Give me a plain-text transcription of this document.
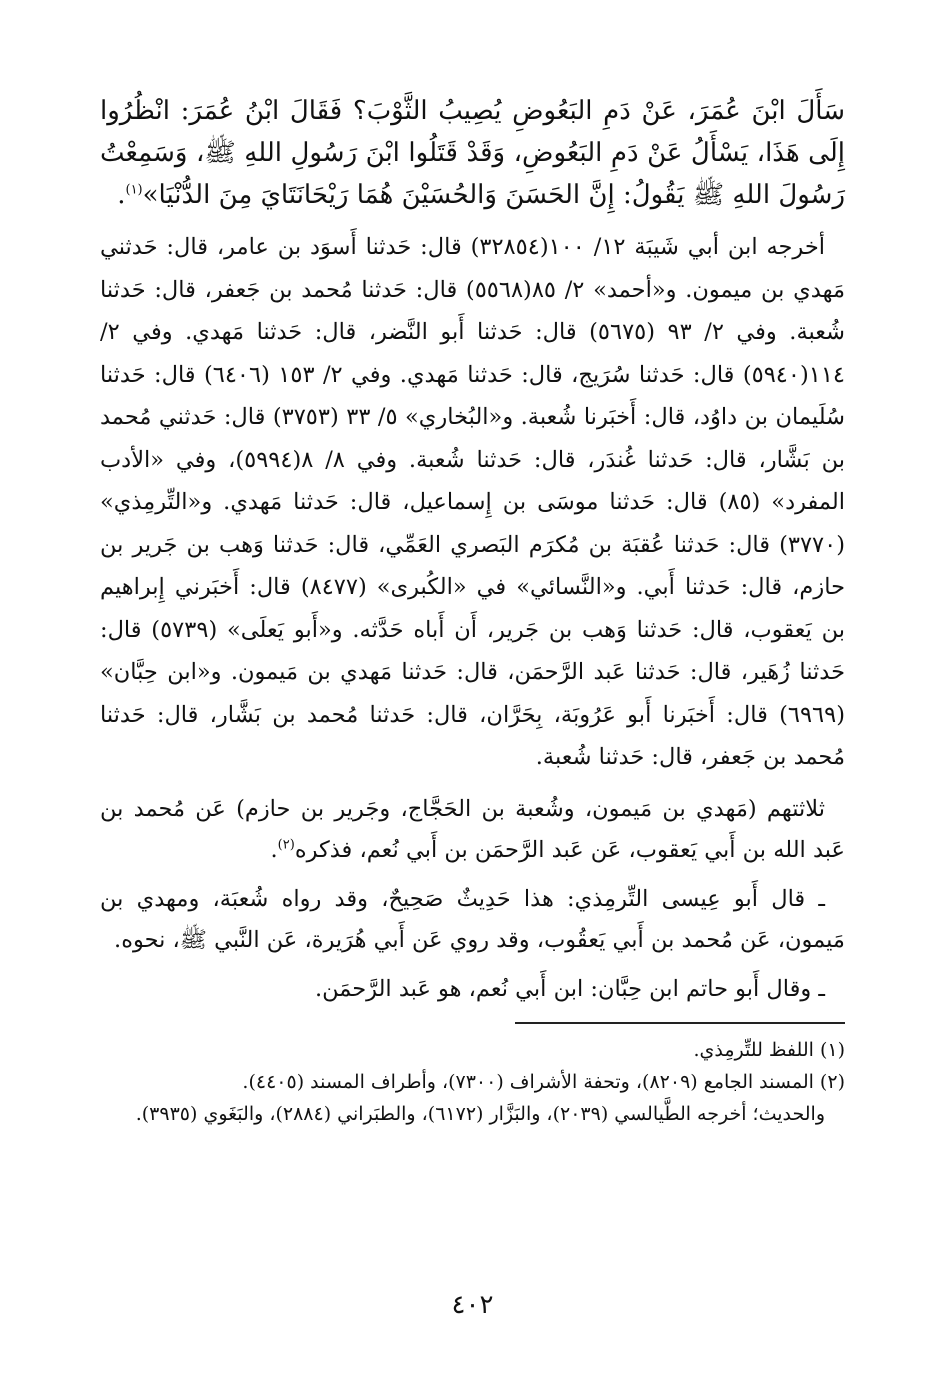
سَأَلَ ابْنَ عُمَرَ، عَنْ دَمِ البَعُوضِ يُصِيبُ الثَّوْبَ؟ فَقَالَ ابْنُ عُمَرَ: انْظُرُوا إِلَى هَذَا، يَسْأَلُ عَنْ دَمِ البَعُوضِ، وَقَدْ قَتَلُوا ابْنَ رَسُولِ اللهِ ﷺ، وَسَمِعْتُ رَسُولَ اللهِ ﷺ يَقُولُ: إِنَّ الحَسَنَ وَالحُسَيْنَ هُمَا رَيْحَانَتَايَ مِنَ الدُّنْيَا»$^{(١)}$.

أخرجه ابن أبي شَيبَة ١٢/ ١٠٠(٣٢٨٥٤) قال: حَدثنا أَسوَد بن عامر، قال: حَدثني مَهدي بن ميمون. و«أحمد» ٢/ ٨٥(٥٥٦٨) قال: حَدثنا مُحمد بن جَعفر، قال: حَدثنا شُعبة. وفي ٢/ ٩٣ (٥٦٧٥) قال: حَدثنا أَبو النَّضر، قال: حَدثنا مَهدي. وفي ٢/ ١١٤(٥٩٤٠) قال: حَدثنا سُرَيج، قال: حَدثنا مَهدي. وفي ٢/ ١٥٣ (٦٤٠٦) قال: حَدثنا سُلَيمان بن داوُد، قال: أَخبَرنا شُعبة. و«البُخاري» ٥/ ٣٣ (٣٧٥٣) قال: حَدثني مُحمد بن بَشَّار، قال: حَدثنا غُندَر، قال: حَدثنا شُعبة. وفي ٨/ ٨(٥٩٩٤)، وفي «الأدب المفرد» (٨٥) قال: حَدثنا موسَى بن إِسماعيل، قال: حَدثنا مَهدي. و«التِّرمِذي» (٣٧٧٠) قال: حَدثنا عُقبَة بن مُكرَم البَصري العَمِّي، قال: حَدثنا وَهب بن جَرير بن حازم، قال: حَدثنا أَبي. و«النَّسائي» في «الكُبرى» (٨٤٧٧) قال: أَخبَرني إِبراهيم بن يَعقوب، قال: حَدثنا وَهب بن جَرير، أَن أَباه حَدَّثه. و«أَبو يَعلَى» (٥٧٣٩) قال: حَدثنا زُهَير، قال: حَدثنا عَبد الرَّحمَن، قال: حَدثنا مَهدي بن مَيمون. و«ابن حِبَّان» (٦٩٦٩) قال: أَخبَرنا أَبو عَرُوبَة، بِحَرَّان، قال: حَدثنا مُحمد بن بَشَّار، قال: حَدثنا مُحمد بن جَعفر، قال: حَدثنا شُعبة.

ثلاثتهم (مَهدي بن مَيمون، وشُعبة بن الحَجَّاج، وجَرير بن حازم) عَن مُحمد بن عَبد الله بن أَبي يَعقوب، عَن عَبد الرَّحمَن بن أَبي نُعم، فذكره$^{(٢)}$.

ـ قال أَبو عِيسى التِّرمِذي: هذا حَدِيثٌ صَحِيحٌ، وقد رواه شُعبَة، ومهدي بن مَيمون، عَن مُحمد بن أَبي يَعقُوب، وقد روي عَن أَبي هُرَيرة، عَن النَّبي ﷺ، نحوه.

ـ وقال أَبو حاتم ابن حِبَّان: ابن أَبي نُعم، هو عَبد الرَّحمَن.

(١) اللفظ للتِّرمِذي.

(٢) المسند الجامع (٨٢٠٩)، وتحفة الأشراف (٧٣٠٠)، وأطراف المسند (٤٤٠٥).

والحديث؛ أخرجه الطَّيالسي (٢٠٣٩)، والبَزَّار (٦١٧٢)، والطبَراني (٢٨٨٤)، والبَغَوي (٣٩٣٥).

٤٠٢
